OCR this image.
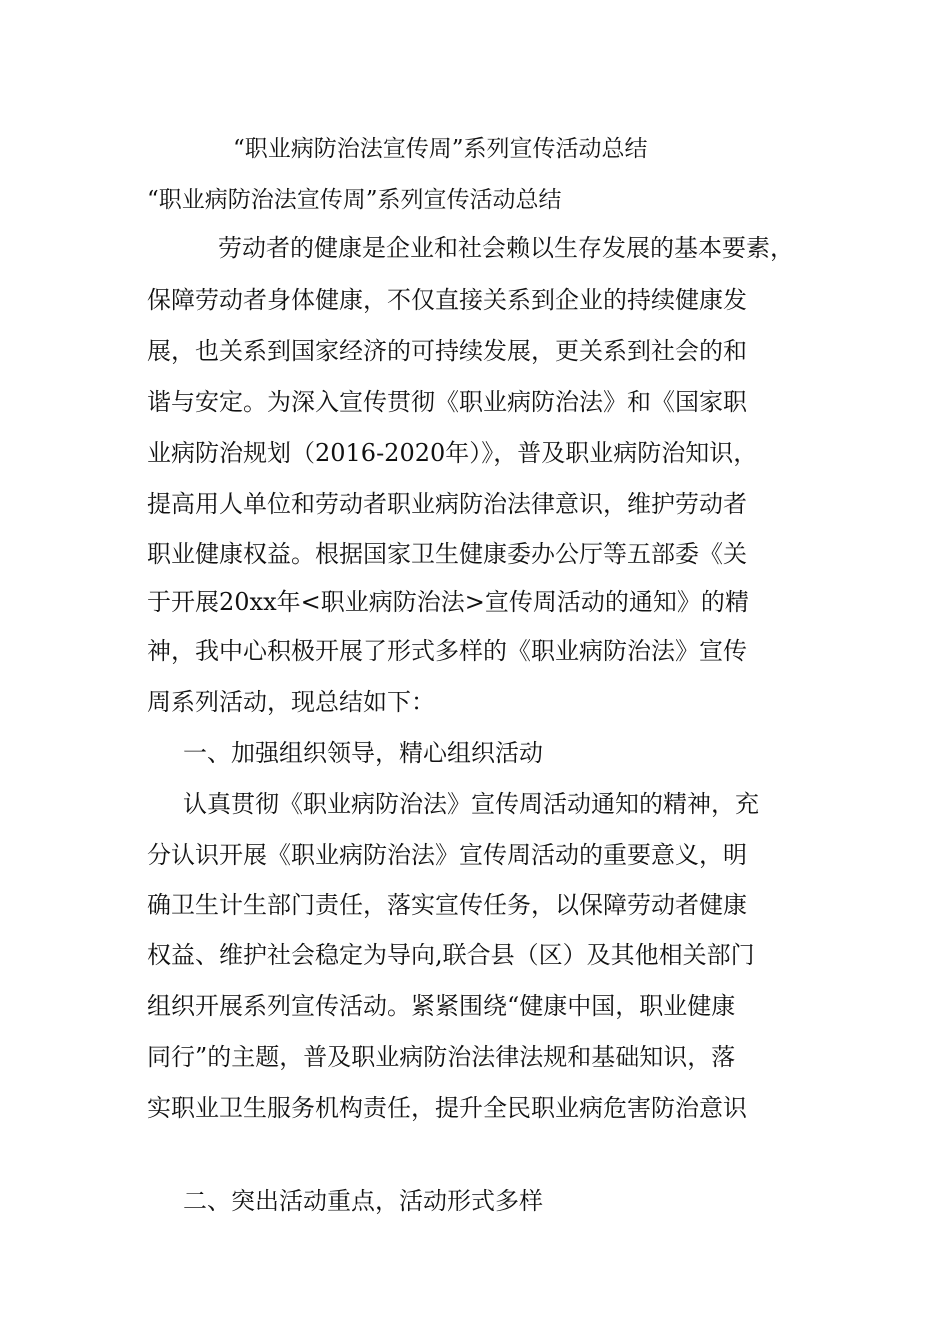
“职业病防治法宣传周”系列宣传活动总结
“职业病防治法宣传周”系列宣传活动总结
劳动者的健康是企业和社会赖以生存发展的基本要素，
保障劳动者身体健康，不仅直接关系到企业的持续健康发
展，也关系到国家经济的可持续发展，更关系到社会的和
谐与安定。为深入宣传贯彻《职业病防治法》和《国家职
业病防治规划（2016-2020年）》，普及职业病防治知识，
提高用人单位和劳动者职业病防治法律意识，维护劳动者
职业健康权益。根据国家卫生健康委办公厅等五部委《关
于开展20xx年<职业病防治法>宣传周活动的通知》的精
神，我中心积极开展了形式多样的《职业病防治法》宣传
周系列活动，现总结如下：
一、加强组织领导，精心组织活动
认真贯彻《职业病防治法》宣传周活动通知的精神，充
分认识开展《职业病防治法》宣传周活动的重要意义，明
确卫生计生部门责任，落实宣传任务，以保障劳动者健康
权益、维护社会稳定为导向,联合县（区）及其他相关部门
组织开展系列宣传活动。紧紧围绕“健康中国，职业健康
同行”的主题，普及职业病防治法律法规和基础知识，落
实职业卫生服务机构责任，提升全民职业病危害防治意识
二、突出活动重点，活动形式多样
